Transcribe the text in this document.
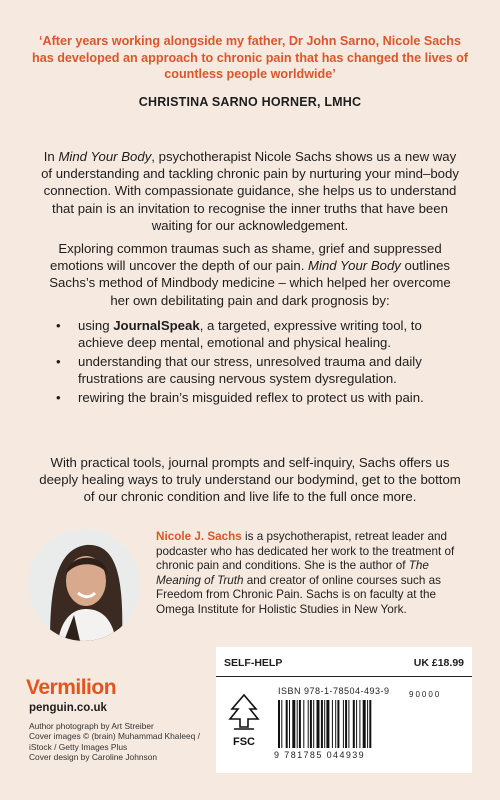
‘After years working alongside my father, Dr John Sarno, Nicole Sachs
has developed an approach to chronic pain that has changed the lives of
countless people worldwide’
CHRISTINA SARNO HORNER, LMHC
In Mind Your Body, psychotherapist Nicole Sachs shows us a new way of understanding and tackling chronic pain by nurturing your mind–body connection. With compassionate guidance, she helps us to understand that pain is an invitation to recognise the inner truths that have been waiting for our acknowledgement.
Exploring common traumas such as shame, grief and suppressed emotions will uncover the depth of our pain. Mind Your Body outlines Sachs’s method of Mindbody medicine – which helped her overcome her own debilitating pain and dark prognosis by:
• using JournalSpeak, a targeted, expressive writing tool, to achieve deep mental, emotional and physical healing.
• understanding that our stress, unresolved trauma and daily frustrations are causing nervous system dysregulation.
• rewiring the brain’s misguided reflex to protect us with pain.
With practical tools, journal prompts and self-inquiry, Sachs offers us deeply healing ways to truly understand our bodymind, get to the bottom of our chronic condition and live life to the full once more.
Nicole J. Sachs is a psychotherapist, retreat leader and podcaster who has dedicated her work to the treatment of chronic pain and conditions. She is the author of The Meaning of Truth and creator of online courses such as Freedom from Chronic Pain. Sachs is on faculty at the Omega Institute for Holistic Studies in New York.
Vermilion
penguin.co.uk
Author photograph by Art Streiber
Cover images © (brain) Muhammad Khaleeq / iStock / Getty Images Plus
Cover design by Caroline Johnson
SELF-HELP	UK £18.99
FSC
ISBN 978-1-78504-493-9 90000
9 781785 044939
